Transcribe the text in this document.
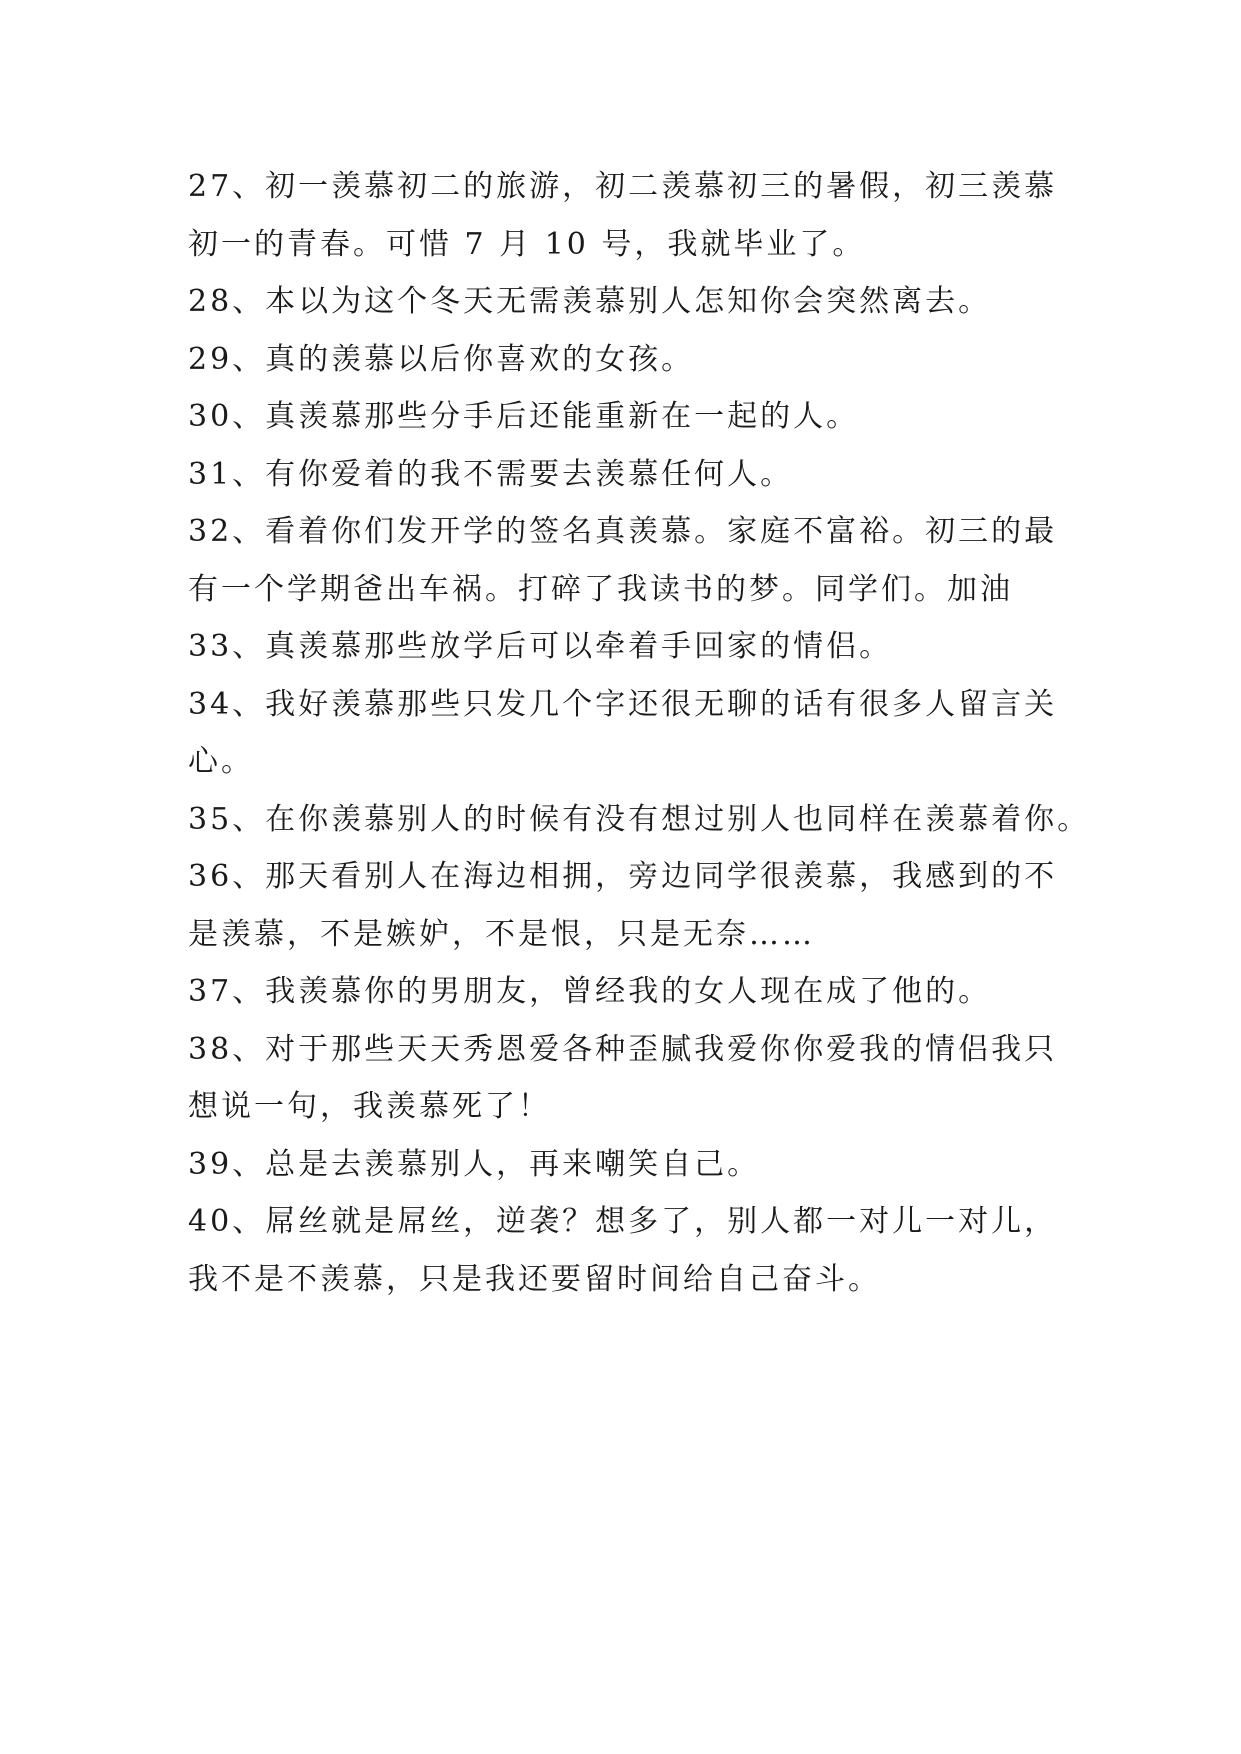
27、初一羡慕初二的旅游，初二羡慕初三的暑假，初三羡慕
初一的青春。可惜 7 月 10 号，我就毕业了。
28、本以为这个冬天无需羡慕别人怎知你会突然离去。
29、真的羡慕以后你喜欢的女孩。
30、真羡慕那些分手后还能重新在一起的人。
31、有你爱着的我不需要去羡慕任何人。
32、看着你们发开学的签名真羡慕。家庭不富裕。初三的最
有一个学期爸出车祸。打碎了我读书的梦。同学们。加油
33、真羡慕那些放学后可以牵着手回家的情侣。
34、我好羡慕那些只发几个字还很无聊的话有很多人留言关
心。
35、在你羡慕别人的时候有没有想过别人也同样在羡慕着你。
36、那天看别人在海边相拥，旁边同学很羡慕，我感到的不
是羡慕，不是嫉妒，不是恨，只是无奈……
37、我羡慕你的男朋友，曾经我的女人现在成了他的。
38、对于那些天天秀恩爱各种歪腻我爱你你爱我的情侣我只
想说一句，我羡慕死了！
39、总是去羡慕别人，再来嘲笑自己。
40、屌丝就是屌丝，逆袭？想多了，别人都一对儿一对儿，
我不是不羡慕，只是我还要留时间给自己奋斗。
